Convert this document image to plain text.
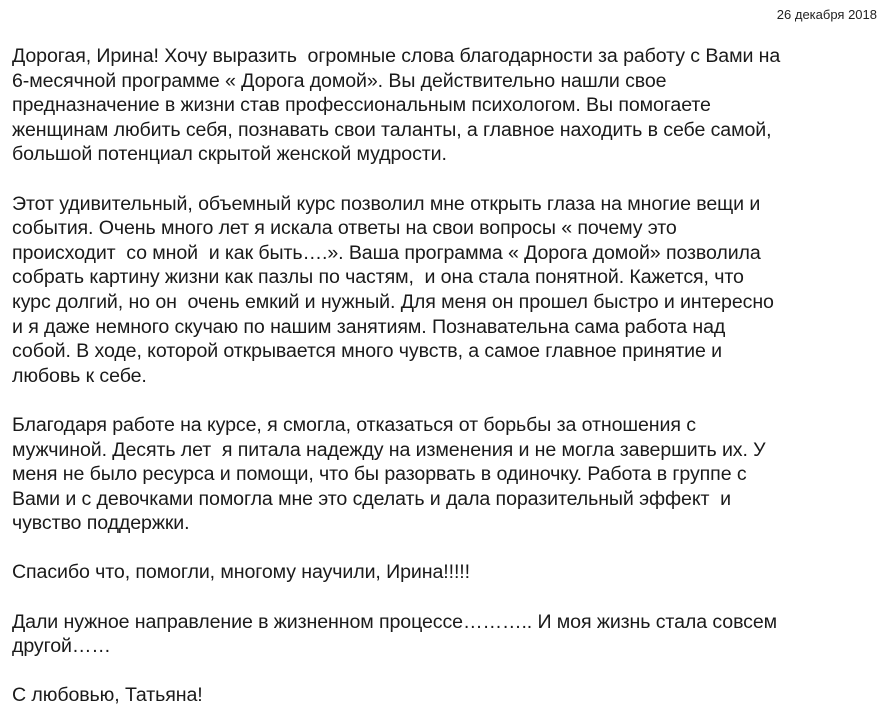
26 декабря 2018
Дорогая, Ирина! Хочу выразить  огромные слова благодарности за работу с Вами на
6-месячной программе « Дорога домой». Вы действительно нашли свое
предназначение в жизни став профессиональным психологом. Вы помогаете
женщинам любить себя, познавать свои таланты, а главное находить в себе самой,
большой потенциал скрытой женской мудрости.
Этот удивительный, объемный курс позволил мне открыть глаза на многие вещи и
события. Очень много лет я искала ответы на свои вопросы « почему это
происходит  со мной  и как быть….». Ваша программа « Дорога домой» позволила
собрать картину жизни как пазлы по частям,  и она стала понятной. Кажется, что
курс долгий, но он  очень емкий и нужный. Для меня он прошел быстро и интересно
и я даже немного скучаю по нашим занятиям. Познавательна сама работа над
собой. В ходе, которой открывается много чувств, а самое главное принятие и
любовь к себе.
Благодаря работе на курсе, я смогла, отказаться от борьбы за отношения с
мужчиной. Десять лет  я питала надежду на изменения и не могла завершить их. У
меня не было ресурса и помощи, что бы разорвать в одиночку. Работа в группе с
Вами и с девочками помогла мне это сделать и дала поразительный эффект  и
чувство поддержки.
Спасибо что, помогли, многому научили, Ирина!!!!!
Дали нужное направление в жизненном процессе……….. И моя жизнь стала совсем
другой……
С любовью, Татьяна!
